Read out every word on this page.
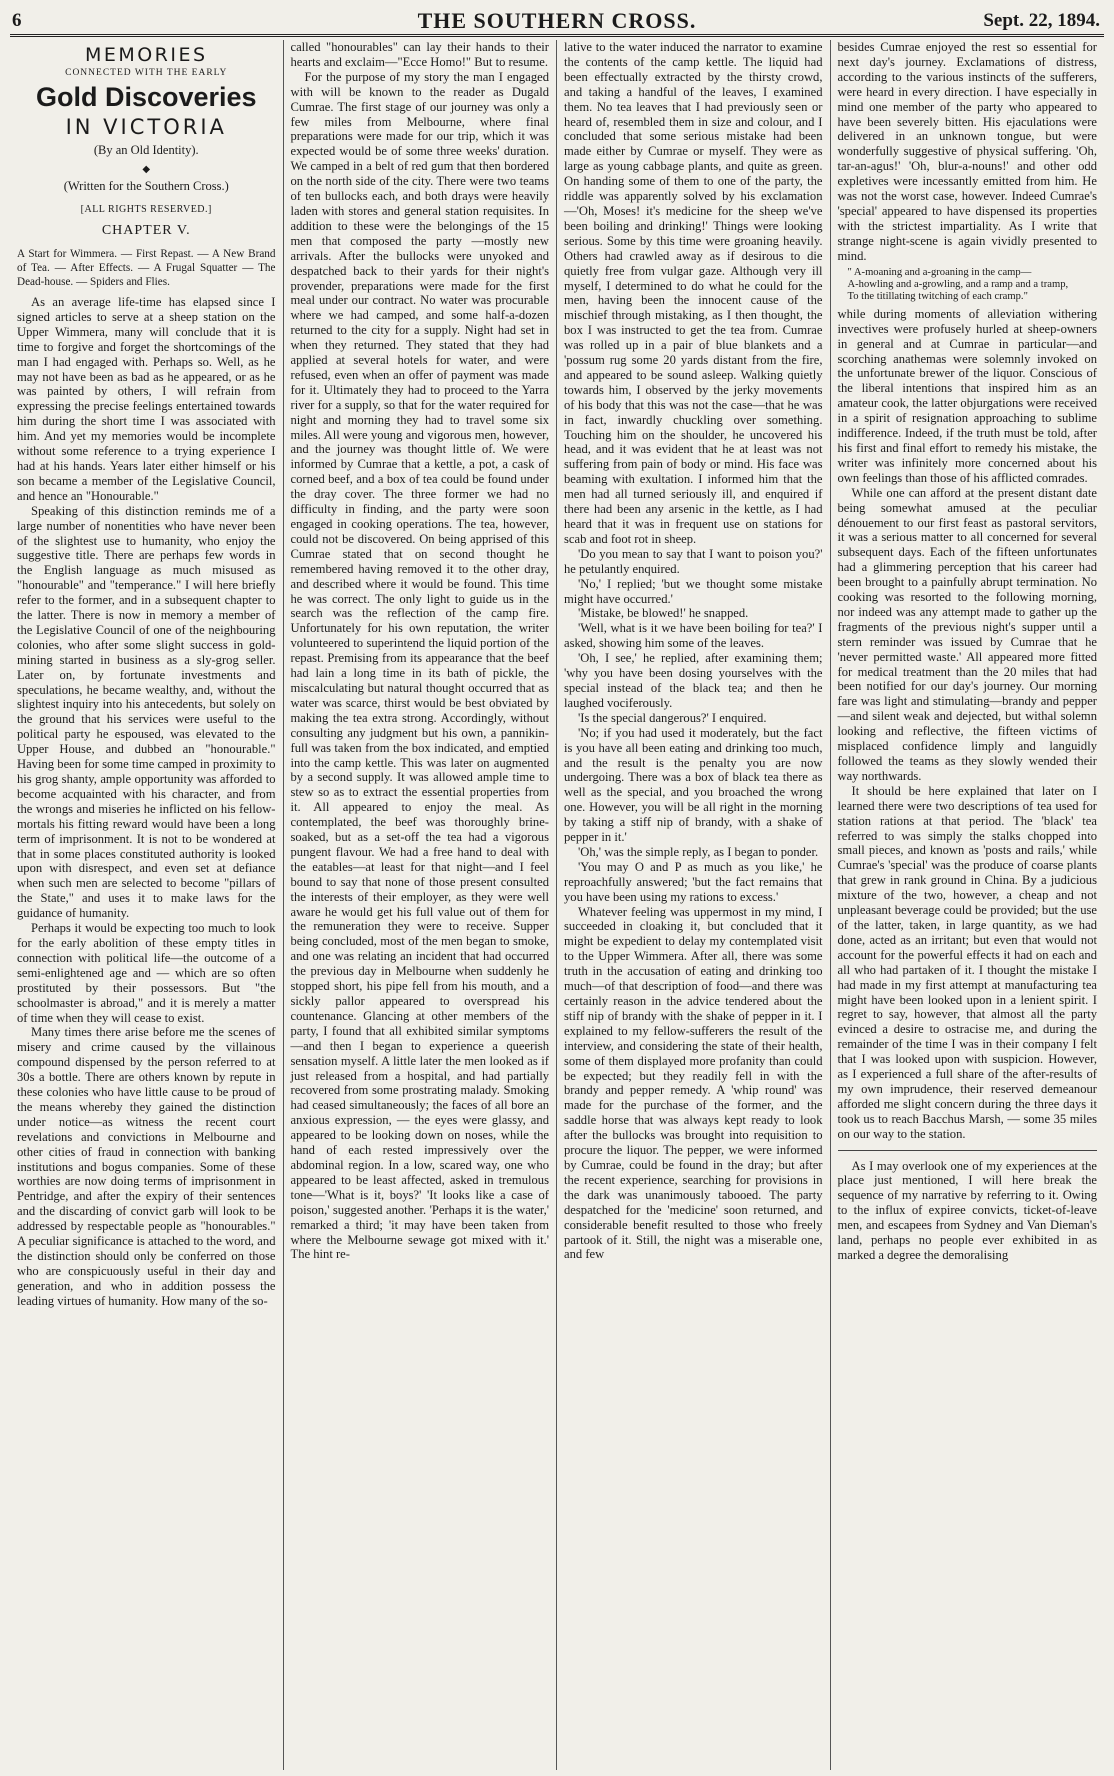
6	THE SOUTHERN CROSS.	Sept. 22, 1894.
MEMORIES
CONNECTED WITH THE EARLY
Gold Discoveries
IN VICTORIA
(By an Old Identity).
◆
(Written for the Southern Cross.)
[ALL RIGHTS RESERVED.]
CHAPTER V.
A Start for Wimmera. — First Repast. — A New Brand of Tea. — After Effects. — A Frugal Squatter — The Dead-house. — Spiders and Flies.

As an average life-time has elapsed since I signed articles to serve at a sheep station on the Upper Wimmera, many will conclude that it is time to forgive and forget the shortcomings of the man I had engaged with. Perhaps so. Well, as he may not have been as bad as he appeared, or as he was painted by others, I will refrain from expressing the precise feelings entertained towards him during the short time I was associated with him. And yet my memories would be incomplete without some reference to a trying experience I had at his hands. Years later either himself or his son became a member of the Legislative Council, and hence an "Honourable."

Speaking of this distinction reminds me of a large number of nonentities who have never been of the slightest use to humanity, who enjoy the suggestive title. There are perhaps few words in the English language as much misused as "honourable" and "temperance." I will here briefly refer to the former, and in a subsequent chapter to the latter. There is now in memory a member of the Legislative Council of one of the neighbouring colonies, who after some slight success in gold-mining started in business as a sly-grog seller. Later on, by fortunate investments and speculations, he became wealthy, and, without the slightest inquiry into his antecedents, but solely on the ground that his services were useful to the political party he espoused, was elevated to the Upper House, and dubbed an "honourable." Having been for some time camped in proximity to his grog shanty, ample opportunity was afforded to become acquainted with his character, and from the wrongs and miseries he inflicted on his fellow-mortals his fitting reward would have been a long term of imprisonment. It is not to be wondered at that in some places constituted authority is looked upon with disrespect, and even set at defiance when such men are selected to become "pillars of the State," and uses it to make laws for the guidance of humanity.

Perhaps it would be expecting too much to look for the early abolition of these empty titles in connection with political life—the outcome of a semi-enlightened age and — which are so often prostituted by their possessors. But "the schoolmaster is abroad," and it is merely a matter of time when they will cease to exist.

Many times there arise before me the scenes of misery and crime caused by the villainous compound dispensed by the person referred to at 30s a bottle. There are others known by repute in these colonies who have little cause to be proud of the means whereby they gained the distinction under notice—as witness the recent court revelations and convictions in Melbourne and other cities of fraud in connection with banking institutions and bogus companies. Some of these worthies are now doing terms of imprisonment in Pentridge, and after the expiry of their sentences and the discarding of convict garb will look to be addressed by respectable people as "honourables." A peculiar significance is attached to the word, and the distinction should only be conferred on those who are conspicuously useful in their day and generation, and who in addition possess the leading virtues of humanity. How many of the so-

called "honourables" can lay their hands to their hearts and exclaim—"Ecce Homo!" But to resume.

For the purpose of my story the man I engaged with will be known to the reader as Dugald Cumrae. The first stage of our journey was only a few miles from Melbourne, where final preparations were made for our trip, which it was expected would be of some three weeks' duration. We camped in a belt of red gum that then bordered on the north side of the city. There were two teams of ten bullocks each, and both drays were heavily laden with stores and general station requisites. In addition to these were the belongings of the 15 men that composed the party —mostly new arrivals. After the bullocks were unyoked and despatched back to their yards for their night's provender, preparations were made for the first meal under our contract. No water was procurable where we had camped, and some half-a-dozen returned to the city for a supply. Night had set in when they returned. They stated that they had applied at several hotels for water, and were refused, even when an offer of payment was made for it. Ultimately they had to proceed to the Yarra river for a supply, so that for the water required for night and morning they had to travel some six miles. All were young and vigorous men, however, and the journey was thought little of. We were informed by Cumrae that a kettle, a pot, a cask of corned beef, and a box of tea could be found under the dray cover. The three former we had no difficulty in finding, and the party were soon engaged in cooking operations. The tea, however, could not be discovered. On being apprised of this Cumrae stated that on second thought he remembered having removed it to the other dray, and described where it would be found. This time he was correct. The only light to guide us in the search was the reflection of the camp fire. Unfortunately for his own reputation, the writer volunteered to superintend the liquid portion of the repast. Premising from its appearance that the beef had lain a long time in its bath of pickle, the miscalculating but natural thought occurred that as water was scarce, thirst would be best obviated by making the tea extra strong. Accordingly, without consulting any judgment but his own, a pannikin-full was taken from the box indicated, and emptied into the camp kettle. This was later on augmented by a second supply. It was allowed ample time to stew so as to extract the essential properties from it. All appeared to enjoy the meal. As contemplated, the beef was thoroughly brine-soaked, but as a set-off the tea had a vigorous pungent flavour. We had a free hand to deal with the eatables—at least for that night—and I feel bound to say that none of those present consulted the interests of their employer, as they were well aware he would get his full value out of them for the remuneration they were to receive. Supper being concluded, most of the men began to smoke, and one was relating an incident that had occurred the previous day in Melbourne when suddenly he stopped short, his pipe fell from his mouth, and a sickly pallor appeared to overspread his countenance. Glancing at other members of the party, I found that all exhibited similar symptoms—and then I began to experience a queerish sensation myself. A little later the men looked as if just released from a hospital, and had partially recovered from some prostrating malady. Smoking had ceased simultaneously; the faces of all bore an anxious expression, — the eyes were glassy, and appeared to be looking down on noses, while the hand of each rested impressively over the abdominal region. In a low, scared way, one who appeared to be least affected, asked in tremulous tone—'What is it, boys?' 'It looks like a case of poison,' suggested another. 'Perhaps it is the water,' remarked a third; 'it may have been taken from where the Melbourne sewage got mixed with it.' The hint re-

lative to the water induced the narrator to examine the contents of the camp kettle. The liquid had been effectually extracted by the thirsty crowd, and taking a handful of the leaves, I examined them. No tea leaves that I had previously seen or heard of, resembled them in size and colour, and I concluded that some serious mistake had been made either by Cumrae or myself. They were as large as young cabbage plants, and quite as green. On handing some of them to one of the party, the riddle was apparently solved by his exclamation—'Oh, Moses! it's medicine for the sheep we've been boiling and drinking!' Things were looking serious. Some by this time were groaning heavily. Others had crawled away as if desirous to die quietly free from vulgar gaze. Although very ill myself, I determined to do what he could for the men, having been the innocent cause of the mischief through mistaking, as I then thought, the box I was instructed to get the tea from. Cumrae was rolled up in a pair of blue blankets and a 'possum rug some 20 yards distant from the fire, and appeared to be sound asleep. Walking quietly towards him, I observed by the jerky movements of his body that this was not the case—that he was in fact, inwardly chuckling over something. Touching him on the shoulder, he uncovered his head, and it was evident that he at least was not suffering from pain of body or mind. His face was beaming with exultation. I informed him that the men had all turned seriously ill, and enquired if there had been any arsenic in the kettle, as I had heard that it was in frequent use on stations for scab and foot rot in sheep.

'Do you mean to say that I want to poison you?' he petulantly enquired.

'No,' I replied; 'but we thought some mistake might have occurred.'

'Mistake, be blowed!' he snapped.

'Well, what is it we have been boiling for tea?' I asked, showing him some of the leaves.

'Oh, I see,' he replied, after examining them; 'why you have been dosing yourselves with the special instead of the black tea; and then he laughed vociferously.

'Is the special dangerous?' I enquired.

'No; if you had used it moderately, but the fact is you have all been eating and drinking too much, and the result is the penalty you are now undergoing. There was a box of black tea there as well as the special, and you broached the wrong one. However, you will be all right in the morning by taking a stiff nip of brandy, with a shake of pepper in it.'

'Oh,' was the simple reply, as I began to ponder.

'You may O and P as much as you like,' he reproachfully answered; 'but the fact remains that you have been using my rations to excess.'

Whatever feeling was uppermost in my mind, I succeeded in cloaking it, but concluded that it might be expedient to delay my contemplated visit to the Upper Wimmera. After all, there was some truth in the accusation of eating and drinking too much—of that description of food—and there was certainly reason in the advice tendered about the stiff nip of brandy with the shake of pepper in it. I explained to my fellow-sufferers the result of the interview, and considering the state of their health, some of them displayed more profanity than could be expected; but they readily fell in with the brandy and pepper remedy. A 'whip round' was made for the purchase of the former, and the saddle horse that was always kept ready to look after the bullocks was brought into requisition to procure the liquor. The pepper, we were informed by Cumrae, could be found in the dray; but after the recent experience, searching for provisions in the dark was unanimously tabooed. The party despatched for the 'medicine' soon returned, and considerable benefit resulted to those who freely partook of it. Still, the night was a miserable one, and few

besides Cumrae enjoyed the rest so essential for next day's journey. Exclamations of distress, according to the various instincts of the sufferers, were heard in every direction. I have especially in mind one member of the party who appeared to have been severely bitten. His ejaculations were delivered in an unknown tongue, but were wonderfully suggestive of physical suffering. 'Oh, tar-an-agus!' 'Oh, blur-a-nouns!' and other odd expletives were incessantly emitted from him. He was not the worst case, however. Indeed Cumrae's 'special' appeared to have dispensed its properties with the strictest impartiality. As I write that strange night-scene is again vividly presented to mind.

" A-moaning and a-groaning in the camp—
A-howling and a-growling, and a ramp and a tramp,
To the titillating twitching of each cramp."

while during moments of alleviation withering invectives were profusely hurled at sheep-owners in general and at Cumrae in particular—and scorching anathemas were solemnly invoked on the unfortunate brewer of the liquor. Conscious of the liberal intentions that inspired him as an amateur cook, the latter objurgations were received in a spirit of resignation approaching to sublime indifference. Indeed, if the truth must be told, after his first and final effort to remedy his mistake, the writer was infinitely more concerned about his own feelings than those of his afflicted comrades.

While one can afford at the present distant date being somewhat amused at the peculiar dénouement to our first feast as pastoral servitors, it was a serious matter to all concerned for several subsequent days. Each of the fifteen unfortunates had a glimmering perception that his career had been brought to a painfully abrupt termination. No cooking was resorted to the following morning, nor indeed was any attempt made to gather up the fragments of the previous night's supper until a stern reminder was issued by Cumrae that he 'never permitted waste.' All appeared more fitted for medical treatment than the 20 miles that had been notified for our day's journey. Our morning fare was light and stimulating—brandy and pepper—and silent weak and dejected, but withal solemn looking and reflective, the fifteen victims of misplaced confidence limply and languidly followed the teams as they slowly wended their way northwards.

It should be here explained that later on I learned there were two descriptions of tea used for station rations at that period. The 'black' tea referred to was simply the stalks chopped into small pieces, and known as 'posts and rails,' while Cumrae's 'special' was the produce of coarse plants that grew in rank ground in China. By a judicious mixture of the two, however, a cheap and not unpleasant beverage could be provided; but the use of the latter, taken, in large quantity, as we had done, acted as an irritant; but even that would not account for the powerful effects it had on each and all who had partaken of it. I thought the mistake I had made in my first attempt at manufacturing tea might have been looked upon in a lenient spirit. I regret to say, however, that almost all the party evinced a desire to ostracise me, and during the remainder of the time I was in their company I felt that I was looked upon with suspicion. However, as I experienced a full share of the after-results of my own imprudence, their reserved demeanour afforded me slight concern during the three days it took us to reach Bacchus Marsh, — some 35 miles on our way to the station.

As I may overlook one of my experiences at the place just mentioned, I will here break the sequence of my narrative by referring to it. Owing to the influx of expiree convicts, ticket-of-leave men, and escapees from Sydney and Van Dieman's land, perhaps no people ever exhibited in as marked a degree the demoralising
